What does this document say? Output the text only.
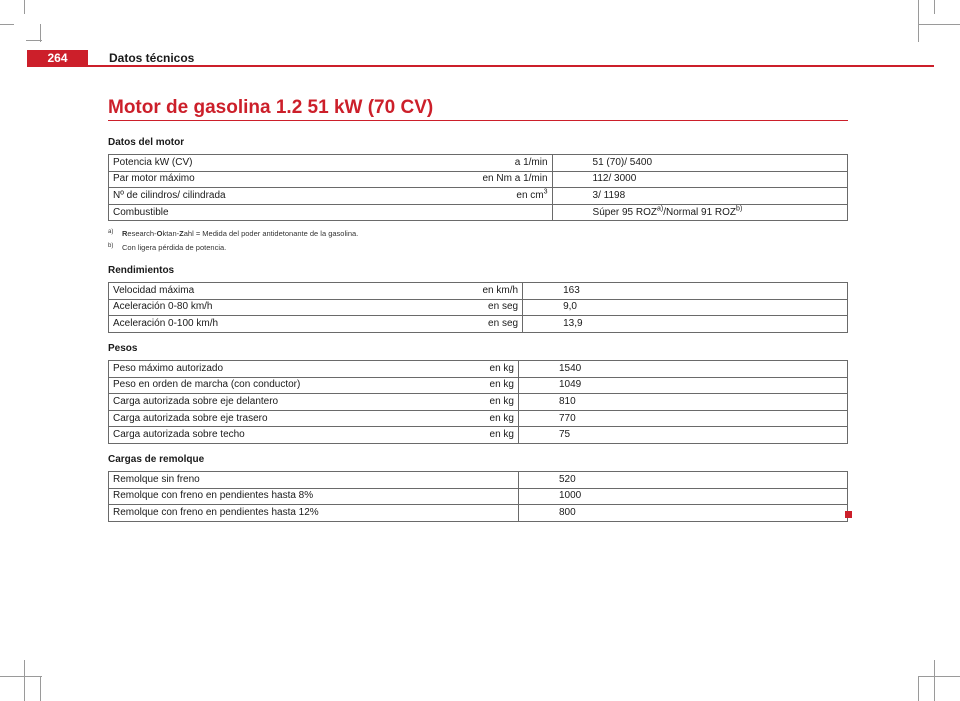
264	Datos técnicos
Motor de gasolina 1.2 51 kW (70 CV)
Datos del motor
Potencia kW (CV)	a 1/min	51 (70)/ 5400
Par motor máximo	en Nm a 1/min	112/ 3000
Nº de cilindros/ cilindrada	en $cm^3$	3/ 1198
Combustible		Súper 95 ROZ$^{a)}$/Normal 91 ROZ$^{b)}$
a) Research-Oktan-Zahl = Medida del poder antidetonante de la gasolina.
b) Con ligera pérdida de potencia.
Rendimientos
Velocidad máxima	en km/h	163
Aceleración 0-80 km/h	en seg	9,0
Aceleración 0-100 km/h	en seg	13,9
Pesos
Peso máximo autorizado	en kg	1540
Peso en orden de marcha (con conductor)	en kg	1049
Carga autorizada sobre eje delantero	en kg	810
Carga autorizada sobre eje trasero	en kg	770
Carga autorizada sobre techo	en kg	75
Cargas de remolque
Remolque sin freno		520
Remolque con freno en pendientes hasta 8%		1000
Remolque con freno en pendientes hasta 12%		800
